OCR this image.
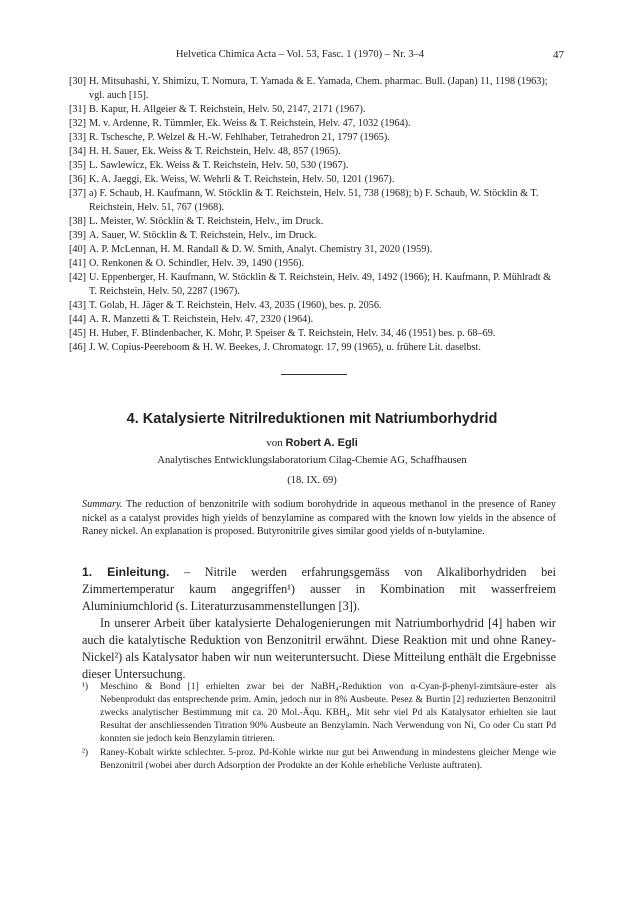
Helvetica Chimica Acta – Vol. 53, Fasc. 1 (1970) – Nr. 3–4	47
[30] H. Mitsuhashi, Y. Shimizu, T. Nomura, T. Yamada & E. Yamada, Chem. pharmac. Bull. (Japan) 11, 1198 (1963); vgl. auch [15].
[31] B. Kapur, H. Allgeier & T. Reichstein, Helv. 50, 2147, 2171 (1967).
[32] M. v. Ardenne, R. Tümmler, Ek. Weiss & T. Reichstein, Helv. 47, 1032 (1964).
[33] R. Tschesche, P. Welzel & H.-W. Fehlhaber, Tetrahedron 21, 1797 (1965).
[34] H. H. Sauer, Ek. Weiss & T. Reichstein, Helv. 48, 857 (1965).
[35] L. Sawlewicz, Ek. Weiss & T. Reichstein, Helv. 50, 530 (1967).
[36] K. A. Jaeggi, Ek. Weiss, W. Wehrli & T. Reichstein, Helv. 50, 1201 (1967).
[37] a) F. Schaub, H. Kaufmann, W. Stöcklin & T. Reichstein, Helv. 51, 738 (1968); b) F. Schaub, W. Stöcklin & T. Reichstein, Helv. 51, 767 (1968).
[38] L. Meister, W. Stöcklin & T. Reichstein, Helv., im Druck.
[39] A. Sauer, W. Stöcklin & T. Reichstein, Helv., im Druck.
[40] A. P. McLennan, H. M. Randall & D. W. Smith, Analyt. Chemistry 31, 2020 (1959).
[41] O. Renkonen & O. Schindler, Helv. 39, 1490 (1956).
[42] U. Eppenberger, H. Kaufmann, W. Stöcklin & T. Reichstein, Helv. 49, 1492 (1966); H. Kaufmann, P. Mühlradt & T. Reichstein, Helv. 50, 2287 (1967).
[43] T. Golab, H. Jäger & T. Reichstein, Helv. 43, 2035 (1960), bes. p. 2056.
[44] A. R. Manzetti & T. Reichstein, Helv. 47, 2320 (1964).
[45] H. Huber, F. Blindenbacher, K. Mohr, P. Speiser & T. Reichstein, Helv. 34, 46 (1951) bes. p. 68–69.
[46] J. W. Copius-Peereboom & H. W. Beekes, J. Chromatogr. 17, 99 (1965), u. frühere Lit. daselbst.
4. Katalysierte Nitrilreduktionen mit Natriumborhydrid
von Robert A. Egli
Analytisches Entwicklungslaboratorium Cilag-Chemie AG, Schaffhausen
(18. IX. 69)
Summary. The reduction of benzonitrile with sodium borohydride in aqueous methanol in the presence of Raney nickel as a catalyst provides high yields of benzylamine as compared with the known low yields in the absence of Raney nickel. An explanation is proposed. Butyronitrile gives similar good yields of n-butylamine.

1. Einleitung. – Nitrile werden erfahrungsgemäss von Alkaliborhydriden bei Zimmertemperatur kaum angegriffen¹) ausser in Kombination mit wasserfreiem Aluminiumchlorid (s. Literaturzusammenstellungen [3]).

In unserer Arbeit über katalysierte Dehalogenierungen mit Natriumborhydrid [4] haben wir auch die katalytische Reduktion von Benzonitril erwähnt. Diese Reaktion mit und ohne Raney-Nickel²) als Katalysator haben wir nun weiteruntersucht. Diese Mitteilung enthält die Ergebnisse dieser Untersuchung.

¹) Meschino & Bond [1] erhielten zwar bei der NaBH₄-Reduktion von α-Cyan-β-phenyl-zimtsäure-ester als Nebenprodukt das entsprechende prim. Amin, jedoch nur in 8% Ausbeute. Pesez & Burtin [2] reduzierten Benzonitril zwecks analytischer Bestimmung mit ca. 20 Mol.-Äqu. KBH₄. Mit sehr viel Pd als Katalysator erhielten sie laut Resultat der anschliessenden Titration 90% Ausbeute an Benzylamin. Nach Verwendung von Ni, Co oder Cu statt Pd konnten sie jedoch kein Benzylamin titrieren.
²) Raney-Kobalt wirkte schlechter. 5-proz. Pd-Kohle wirkte nur gut bei Anwendung in mindestens gleicher Menge wie Benzonitril (wobei aber durch Adsorption der Produkte an der Kohle erhebliche Verluste auftraten).
